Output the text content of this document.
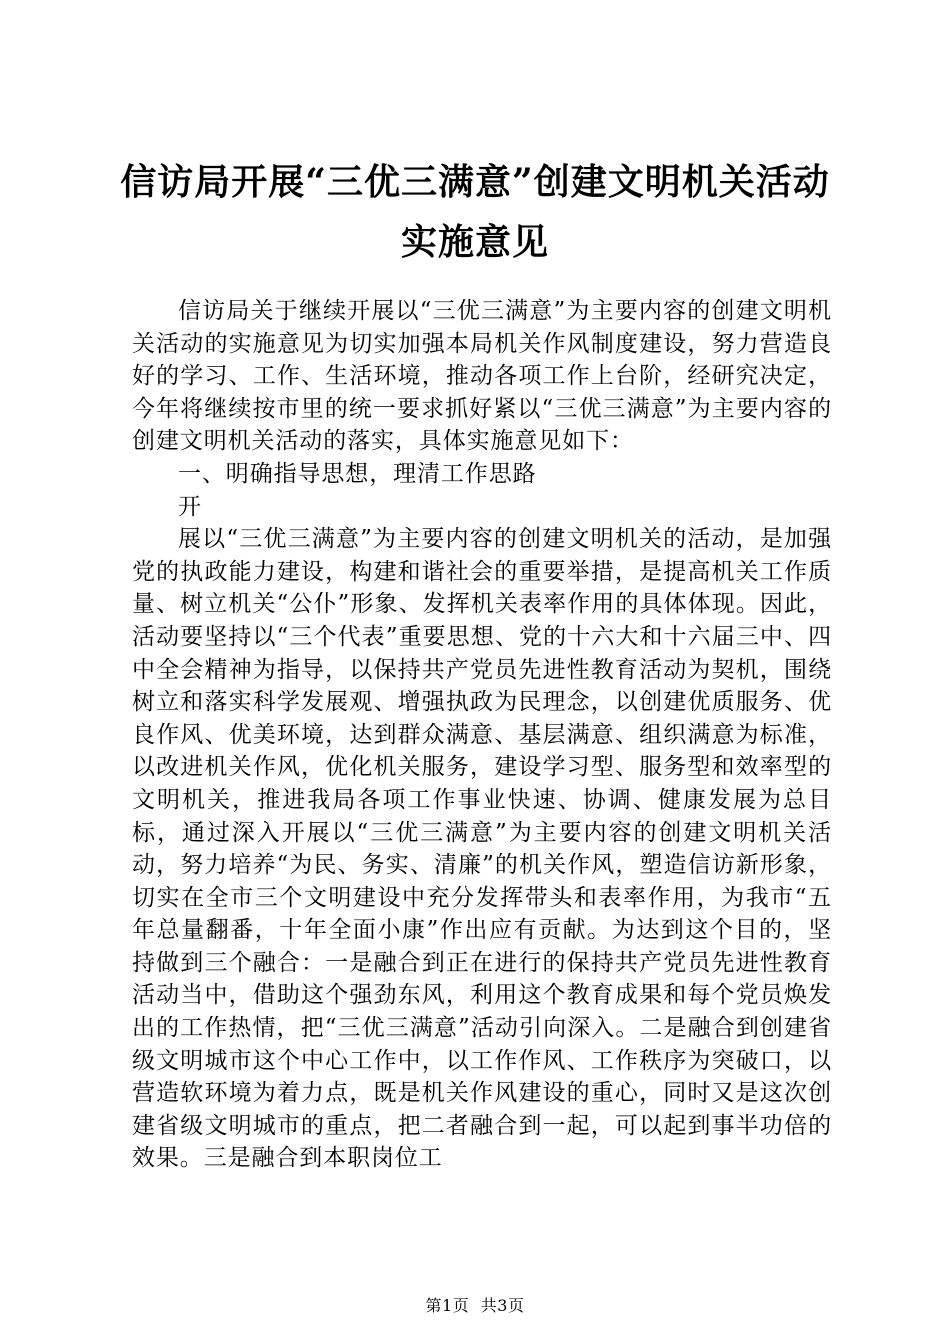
信访局开展“三优三满意”创建文明机关活动
实施意见

信访局关于继续开展以“三优三满意”为主要内容的创建文明机关活动的实施意见为切实加强本局机关作风制度建设，努力营造良好的学习、工作、生活环境，推动各项工作上台阶，经研究决定，今年将继续按市里的统一要求抓好紧以“三优三满意”为主要内容的创建文明机关活动的落实，具体实施意见如下：

一、明确指导思想，理清工作思路

开

展以“三优三满意”为主要内容的创建文明机关的活动，是加强党的执政能力建设，构建和谐社会的重要举措，是提高机关工作质量、树立机关“公仆”形象、发挥机关表率作用的具体体现。因此，活动要坚持以“三个代表”重要思想、党的十六大和十六届三中、四中全会精神为指导，以保持共产党员先进性教育活动为契机，围绕树立和落实科学发展观、增强执政为民理念，以创建优质服务、优良作风、优美环境，达到群众满意、基层满意、组织满意为标准，以改进机关作风，优化机关服务，建设学习型、服务型和效率型的文明机关，推进我局各项工作事业快速、协调、健康发展为总目标，通过深入开展以“三优三满意”为主要内容的创建文明机关活动，努力培养“为民、务实、清廉”的机关作风，塑造信访新形象，切实在全市三个文明建设中充分发挥带头和表率作用，为我市“五年总量翻番，十年全面小康”作出应有贡献。为达到这个目的，坚持做到三个融合：一是融合到正在进行的保持共产党员先进性教育活动当中，借助这个强劲东风，利用这个教育成果和每个党员焕发出的工作热情，把“三优三满意”活动引向深入。二是融合到创建省级文明城市这个中心工作中，以工作作风、工作秩序为突破口，以营造软环境为着力点，既是机关作风建设的重心，同时又是这次创建省级文明城市的重点，把二者融合到一起，可以起到事半功倍的效果。三是融合到本职岗位工

第1页 共3页
